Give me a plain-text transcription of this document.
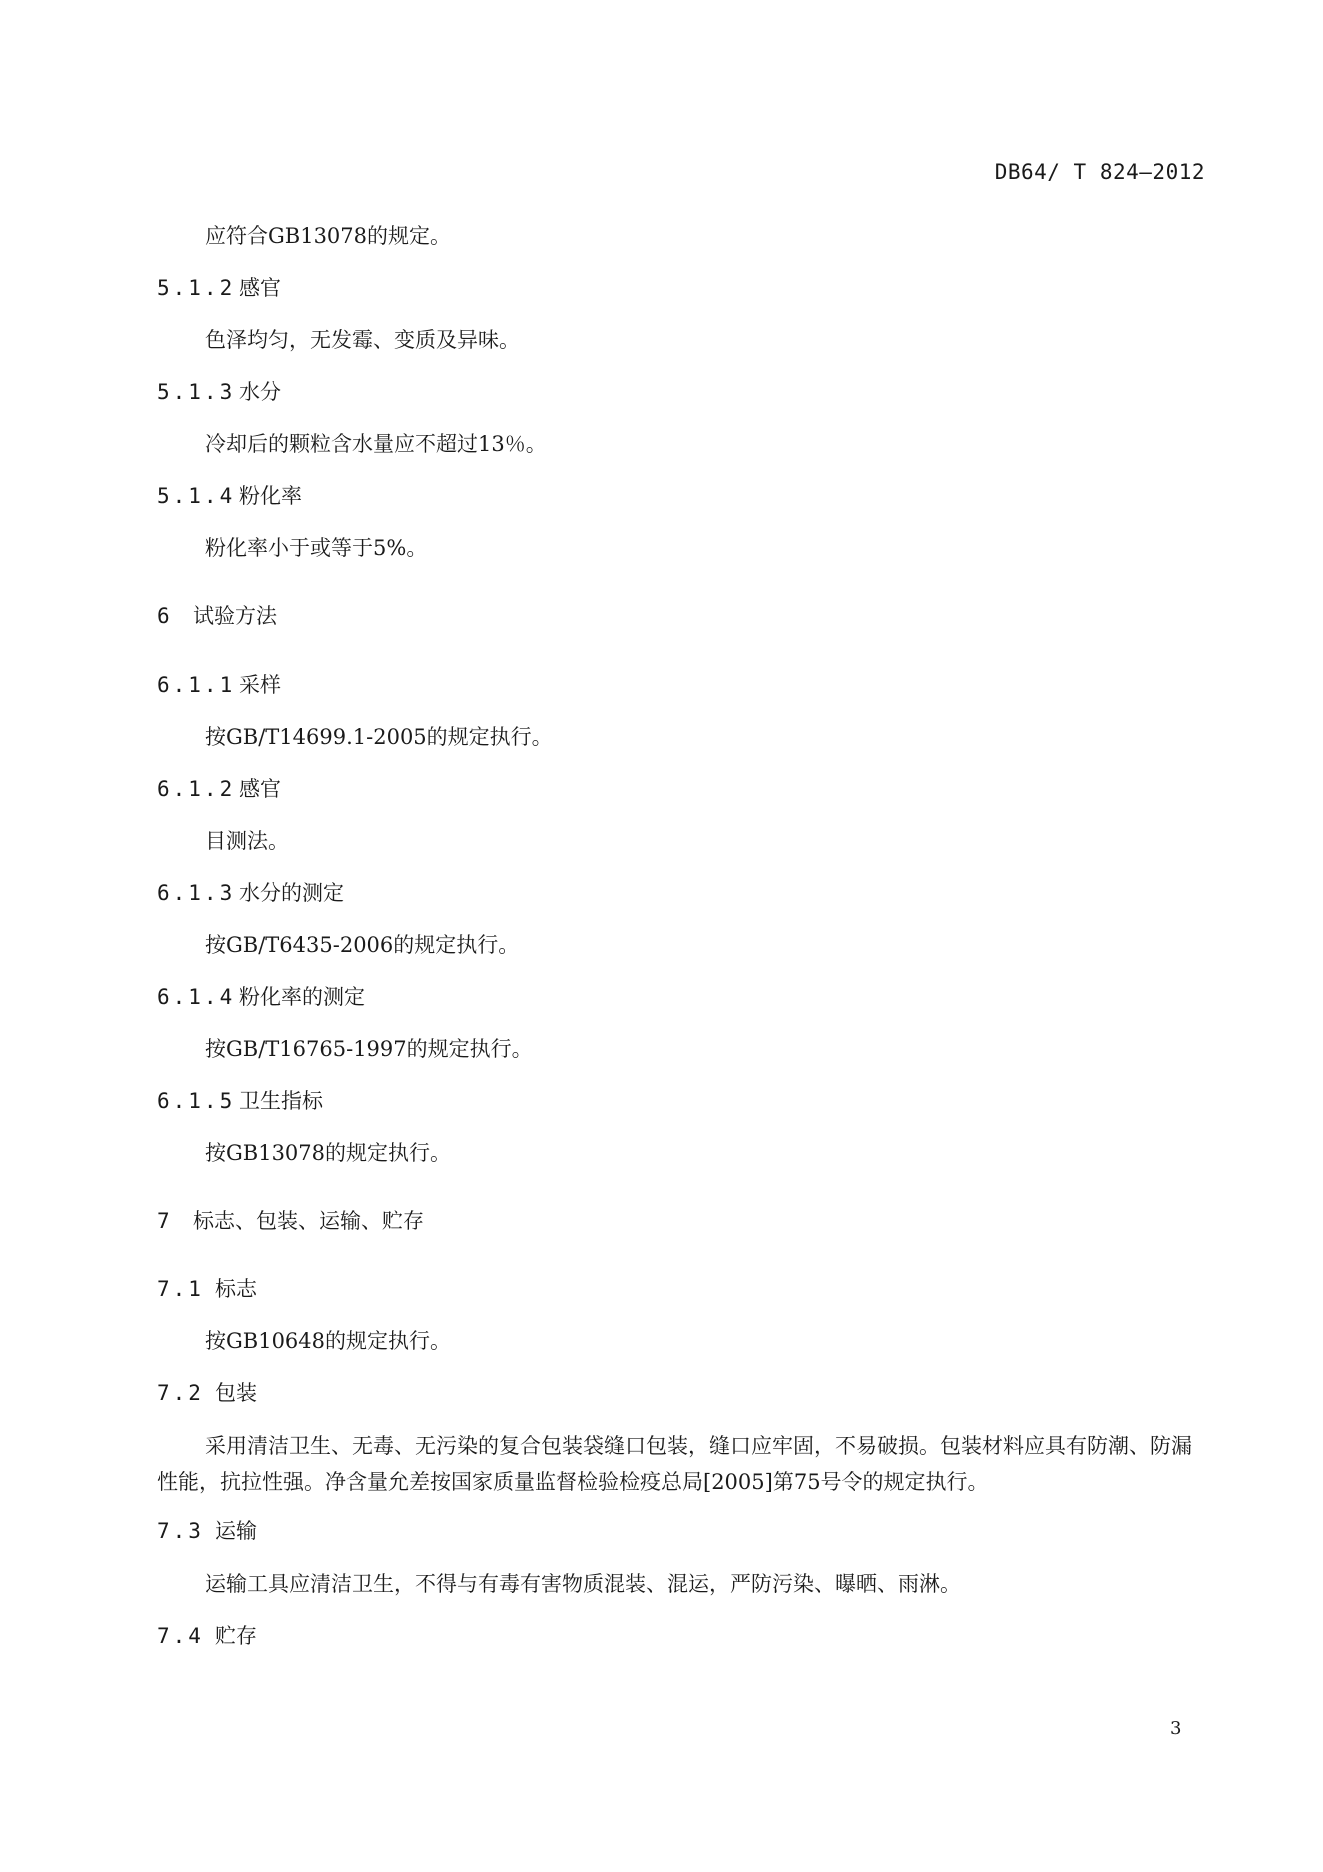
DB64/ T 824—2012
应符合GB13078的规定。
5.1.2 感官
色泽均匀，无发霉、变质及异味。
5.1.3 水分
冷却后的颗粒含水量应不超过13％。
5.1.4 粉化率
粉化率小于或等于5%。
6 试验方法
6.1.1 采样
按GB/T14699.1-2005的规定执行。
6.1.2 感官
目测法。
6.1.3 水分的测定
按GB/T6435-2006的规定执行。
6.1.4 粉化率的测定
按GB/T16765-1997的规定执行。
6.1.5 卫生指标
按GB13078的规定执行。
7 标志、包装、运输、贮存
7.1 标志
按GB10648的规定执行。
7.2 包装
采用清洁卫生、无毒、无污染的复合包装袋缝口包装，缝口应牢固，不易破损。包装材料应具有防潮、防漏性能，抗拉性强。净含量允差按国家质量监督检验检疫总局[2005]第75号令的规定执行。
7.3 运输
运输工具应清洁卫生，不得与有毒有害物质混装、混运，严防污染、曝晒、雨淋。
7.4 贮存
3
